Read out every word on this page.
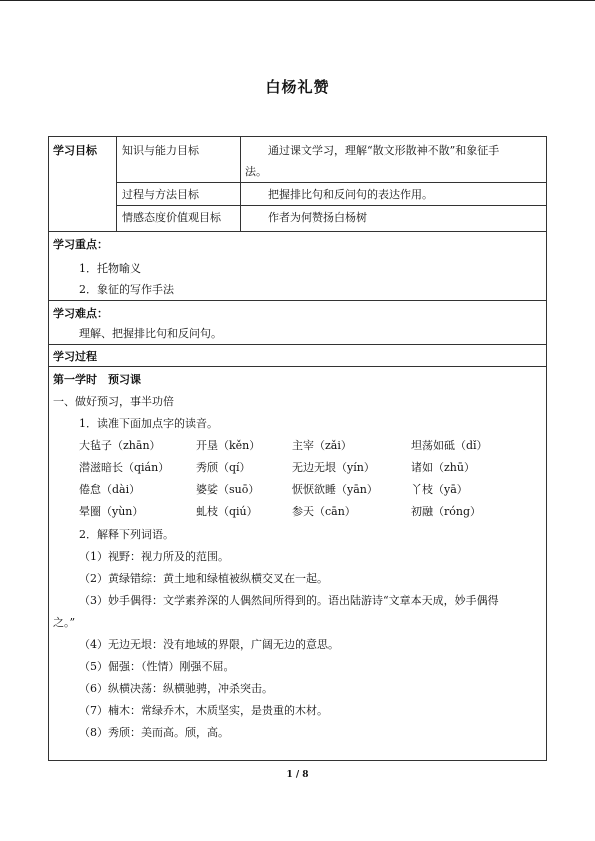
白杨礼赞
学习目标 知识与能力目标	通过课文学习，理解“散文形散神不散”和象征手
法。
过程与方法目标	把握排比句和反问句的表达作用。
情感态度价值观目标	作者为何赞扬白杨树
学习重点：
1．托物喻义
2．象征的写作手法
学习难点：
理解、把握排比句和反问句。
学习过程
第一学时　预习课
一、做好预习，事半功倍
1．读准下面加点字的读音。
大毡子（zhān）	开垦（kěn）	主宰（zǎi）	坦荡如砥（dǐ）
潜滋暗长（qián） 秀颀（qí）	无边无垠（yín）	诸如（zhū）
倦怠（dài）	婆娑（suō）	恹恹欲睡（yān）	丫枝（yā）
晕圈（yùn）	虬枝（qiú）	参天（cān）	初融（róng）
2．解释下列词语。
（1）视野：视力所及的范围。
（2）黄绿错综：黄土地和绿植被纵横交叉在一起。
（3）妙手偶得：文学素养深的人偶然间所得到的。语出陆游诗“文章本天成，妙手偶得
之。”
（4）无边无垠：没有地域的界限，广阔无边的意思。
（5）倔强：（性情）刚强不屈。
（6）纵横决荡：纵横驰骋，冲杀突击。
（7）楠木：常绿乔木，木质坚实，是贵重的木材。
（8）秀颀：美而高。颀，高。
1 / 8
